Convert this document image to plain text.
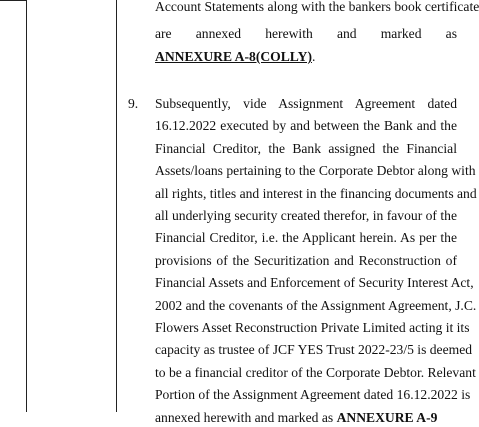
Account Statements along with the bankers book certificate
are annexed herewith and marked as
ANNEXURE A-8(COLLY).
9. Subsequently, vide Assignment Agreement dated
16.12.2022 executed by and between the Bank and the
Financial Creditor, the Bank assigned the Financial
Assets/loans pertaining to the Corporate Debtor along with
all rights, titles and interest in the financing documents and
all underlying security created therefor, in favour of the
Financial Creditor, i.e. the Applicant herein. As per the
provisions of the Securitization and Reconstruction of
Financial Assets and Enforcement of Security Interest Act,
2002 and the covenants of the Assignment Agreement, J.C.
Flowers Asset Reconstruction Private Limited acting it its
capacity as trustee of JCF YES Trust 2022-23/5 is deemed
to be a financial creditor of the Corporate Debtor. Relevant
Portion of the Assignment Agreement dated 16.12.2022 is
annexed herewith and marked as ANNEXURE A-9
